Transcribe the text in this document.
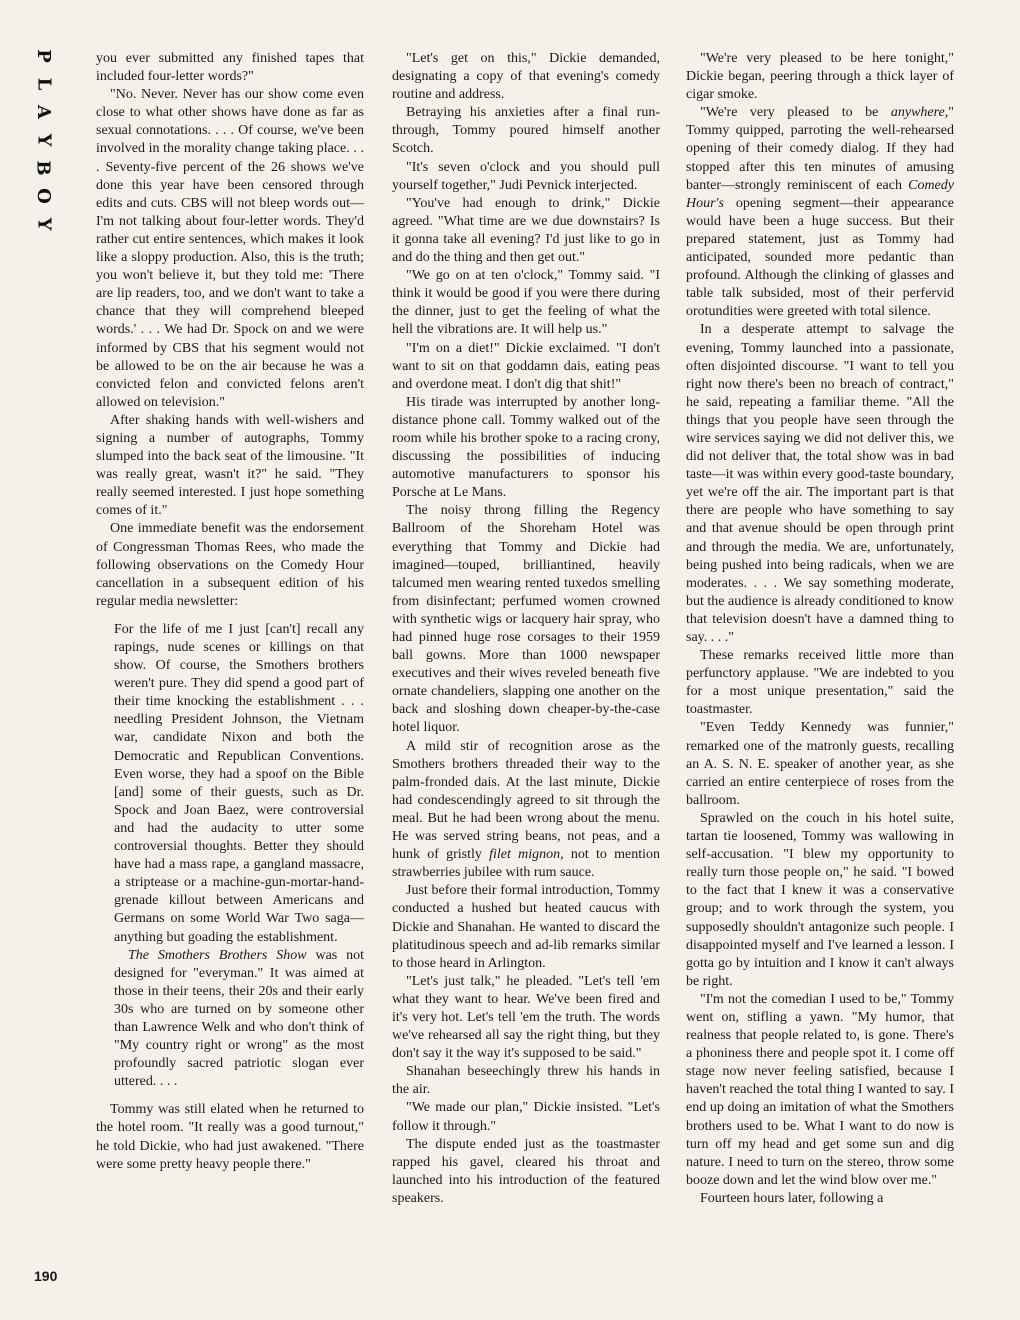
P
L
A
Y
B
O
Y
190

you ever submitted any finished tapes that included four-letter words?"

"No. Never. Never has our show come even close to what other shows have done as far as sexual connotations. . . . Of course, we've been involved in the morality change taking place. . . . Seventy-five percent of the 26 shows we've done this year have been censored through edits and cuts. CBS will not bleep words out—I'm not talking about four-letter words. They'd rather cut entire sentences, which makes it look like a sloppy production. Also, this is the truth; you won't believe it, but they told me: 'There are lip readers, too, and we don't want to take a chance that they will comprehend bleeped words.' . . . We had Dr. Spock on and we were informed by CBS that his segment would not be allowed to be on the air because he was a convicted felon and convicted felons aren't allowed on television."

After shaking hands with well-wishers and signing a number of autographs, Tommy slumped into the back seat of the limousine. "It was really great, wasn't it?" he said. "They really seemed interested. I just hope something comes of it."

One immediate benefit was the endorsement of Congressman Thomas Rees, who made the following observations on the Comedy Hour cancellation in a subsequent edition of his regular media newsletter:

For the life of me I just [can't] recall any rapings, nude scenes or killings on that show. Of course, the Smothers brothers weren't pure. They did spend a good part of their time knocking the establishment . . . needling President Johnson, the Vietnam war, candidate Nixon and both the Democratic and Republican Conventions. Even worse, they had a spoof on the Bible [and] some of their guests, such as Dr. Spock and Joan Baez, were controversial and had the audacity to utter some controversial thoughts. Better they should have had a mass rape, a gangland massacre, a striptease or a machine-gun-mortar-hand-grenade killout between Americans and Germans on some World War Two saga—anything but goading the establishment.

The Smothers Brothers Show was not designed for "everyman." It was aimed at those in their teens, their 20s and their early 30s who are turned on by someone other than Lawrence Welk and who don't think of "My country right or wrong" as the most profoundly sacred patriotic slogan ever uttered. . . .

Tommy was still elated when he returned to the hotel room. "It really was a good turnout," he told Dickie, who had just awakened. "There were some pretty heavy people there."

"Let's get on this," Dickie demanded, designating a copy of that evening's comedy routine and address.

Betraying his anxieties after a final run-through, Tommy poured himself another Scotch.

"It's seven o'clock and you should pull yourself together," Judi Pevnick interjected.

"You've had enough to drink," Dickie agreed. "What time are we due downstairs? Is it gonna take all evening? I'd just like to go in and do the thing and then get out."

"We go on at ten o'clock," Tommy said. "I think it would be good if you were there during the dinner, just to get the feeling of what the hell the vibrations are. It will help us."

"I'm on a diet!" Dickie exclaimed. "I don't want to sit on that goddamn dais, eating peas and overdone meat. I don't dig that shit!"

His tirade was interrupted by another long-distance phone call. Tommy walked out of the room while his brother spoke to a racing crony, discussing the possibilities of inducing automotive manufacturers to sponsor his Porsche at Le Mans.

The noisy throng filling the Regency Ballroom of the Shoreham Hotel was everything that Tommy and Dickie had imagined—touped, brilliantined, heavily talcumed men wearing rented tuxedos smelling from disinfectant; perfumed women crowned with synthetic wigs or lacquery hair spray, who had pinned huge rose corsages to their 1959 ball gowns. More than 1000 newspaper executives and their wives reveled beneath five ornate chandeliers, slapping one another on the back and sloshing down cheaper-by-the-case hotel liquor.

A mild stir of recognition arose as the Smothers brothers threaded their way to the palm-fronded dais. At the last minute, Dickie had condescendingly agreed to sit through the meal. But he had been wrong about the menu. He was served string beans, not peas, and a hunk of gristly filet mignon, not to mention strawberries jubilee with rum sauce.

Just before their formal introduction, Tommy conducted a hushed but heated caucus with Dickie and Shanahan. He wanted to discard the platitudinous speech and ad-lib remarks similar to those heard in Arlington.

"Let's just talk," he pleaded. "Let's tell 'em what they want to hear. We've been fired and it's very hot. Let's tell 'em the truth. The words we've rehearsed all say the right thing, but they don't say it the way it's supposed to be said."

Shanahan beseechingly threw his hands in the air.

"We made our plan," Dickie insisted. "Let's follow it through."

The dispute ended just as the toastmaster rapped his gavel, cleared his throat and launched into his introduction of the featured speakers.

"We're very pleased to be here tonight," Dickie began, peering through a thick layer of cigar smoke.

"We're very pleased to be anywhere," Tommy quipped, parroting the well-rehearsed opening of their comedy dialog. If they had stopped after this ten minutes of amusing banter—strongly reminiscent of each Comedy Hour's opening segment—their appearance would have been a huge success. But their prepared statement, just as Tommy had anticipated, sounded more pedantic than profound. Although the clinking of glasses and table talk subsided, most of their perfervid orotundities were greeted with total silence.

In a desperate attempt to salvage the evening, Tommy launched into a passionate, often disjointed discourse. "I want to tell you right now there's been no breach of contract," he said, repeating a familiar theme. "All the things that you people have seen through the wire services saying we did not deliver this, we did not deliver that, the total show was in bad taste—it was within every good-taste boundary, yet we're off the air. The important part is that there are people who have something to say and that avenue should be open through print and through the media. We are, unfortunately, being pushed into being radicals, when we are moderates. . . . We say something moderate, but the audience is already conditioned to know that television doesn't have a damned thing to say. . . ."

These remarks received little more than perfunctory applause. "We are indebted to you for a most unique presentation," said the toastmaster.

"Even Teddy Kennedy was funnier," remarked one of the matronly guests, recalling an A. S. N. E. speaker of another year, as she carried an entire centerpiece of roses from the ballroom.

Sprawled on the couch in his hotel suite, tartan tie loosened, Tommy was wallowing in self-accusation. "I blew my opportunity to really turn those people on," he said. "I bowed to the fact that I knew it was a conservative group; and to work through the system, you supposedly shouldn't antagonize such people. I disappointed myself and I've learned a lesson. I gotta go by intuition and I know it can't always be right.

"I'm not the comedian I used to be," Tommy went on, stifling a yawn. "My humor, that realness that people related to, is gone. There's a phoniness there and people spot it. I come off stage now never feeling satisfied, because I haven't reached the total thing I wanted to say. I end up doing an imitation of what the Smothers brothers used to be. What I want to do now is turn off my head and get some sun and dig nature. I need to turn on the stereo, throw some booze down and let the wind blow over me."

Fourteen hours later, following a
